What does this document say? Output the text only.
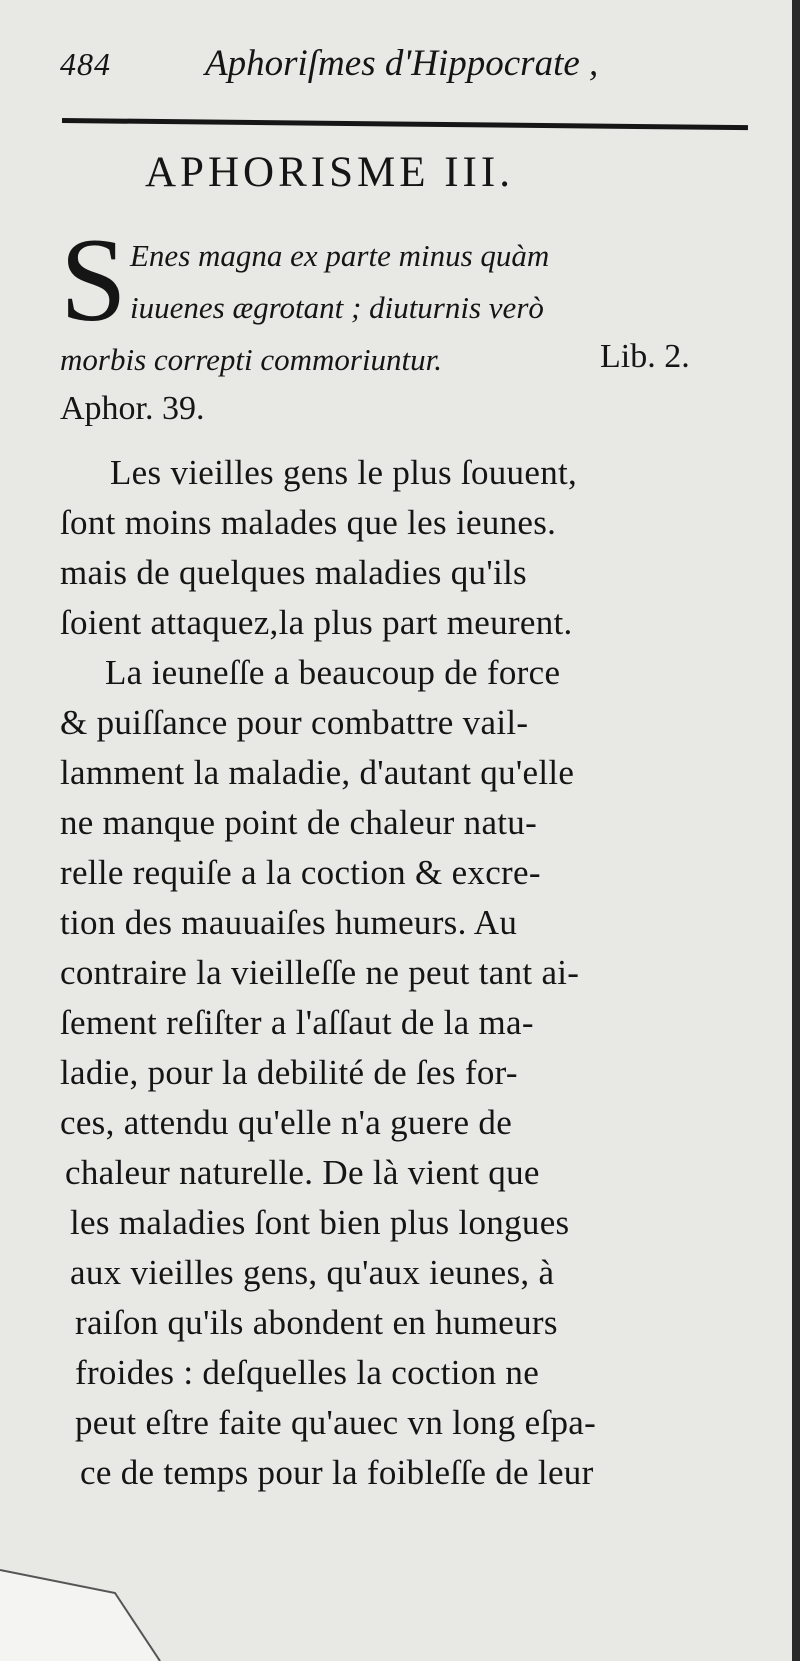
484	Aphoriſmes d'Hippocrate ,
APHORISME III.
S Enes magna ex parte minus quàm
iuuenes ægrotant ; diuturnis verò
morbis correpti commoriuntur.	Lib. 2.
Aphor. 39.
Les vieilles gens le plus ſouuent,
ſont moins malades que les ieunes.
mais de quelques maladies qu'ils
ſoient attaquez,la plus part meurent.
La ieuneſſe a beaucoup de force
& puiſſance pour combattre vail-
lamment la maladie, d'autant qu'elle
ne manque point de chaleur natu-
relle requiſe a la coction & excre-
tion des mauuaiſes humeurs. Au
contraire la vieilleſſe ne peut tant ai-
ſement reſiſter a l'aſſaut de la ma-
ladie, pour la debilité de ſes for-
ces, attendu qu'elle n'a guere de
chaleur naturelle. De là vient que
les maladies ſont bien plus longues
aux vieilles gens, qu'aux ieunes, à
raiſon qu'ils abondent en humeurs
froides : deſquelles la coction ne
peut eſtre faite qu'auec vn long eſpa-
ce de temps pour la foibleſſe de leur
